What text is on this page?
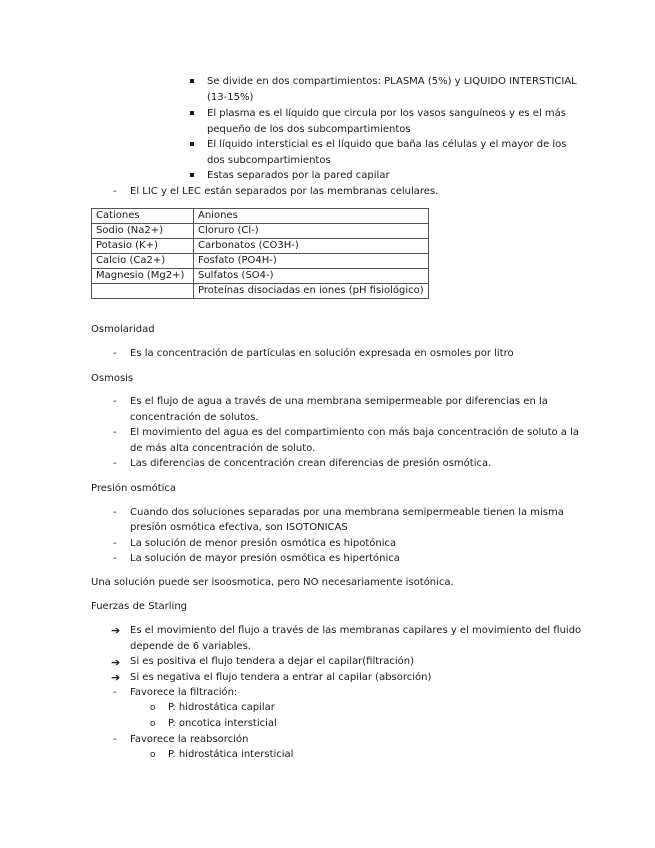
Se divide en dos compartimientos: PLASMA (5%) y LIQUIDO INTERSTICIAL
(13-15%)
El plasma es el líquido que circula por los vasos sanguíneos y es el más
pequeño de los dos subcompartimientos
El líquido intersticial es el líquido que baña las células y el mayor de los
dos subcompartimientos
Estas separados por la pared capilar
- El LIC y el LEC están separados por las membranas celulares.
Cationes	Aniones
Sodio (Na2+)	Cloruro (Cl-)
Potasio (K+)	Carbonatos (CO3H-)
Calcio (Ca2+)	Fosfato (PO4H-)
Magnesio (Mg2+)	Sulfatos (SO4-)
	Proteínas disociadas en iones (pH fisiológico)
Osmolaridad
- Es la concentración de partículas en solución expresada en osmoles por litro
Osmosis
- Es el flujo de agua a través de una membrana semipermeable por diferencias en la
concentración de solutos.
- El movimiento del agua es del compartimiento con más baja concentración de soluto a la
de más alta concentración de soluto.
- Las diferencias de concentración crean diferencias de presión osmótica.
Presión osmótica
- Cuando dos soluciones separadas por una membrana semipermeable tienen la misma
presión osmótica efectiva, son ISOTONICAS
- La solución de menor presión osmótica es hipotónica
- La solución de mayor presión osmótica es hipertónica
Una solución puede ser isoosmotica, pero NO necesariamente isotónica.
Fuerzas de Starling
➔ Es el movimiento del flujo a través de las membranas capilares y el movimiento del fluido
depende de 6 variables.
➔ Si es positiva el flujo tendera a dejar el capilar(filtración)
➔ Si es negativa el flujo tendera a entrar al capilar (absorción)
- Favorece la filtración:
o P. hidrostática capilar
o P. oncotica intersticial
- Favorece la reabsorción
o P. hidrostática intersticial
